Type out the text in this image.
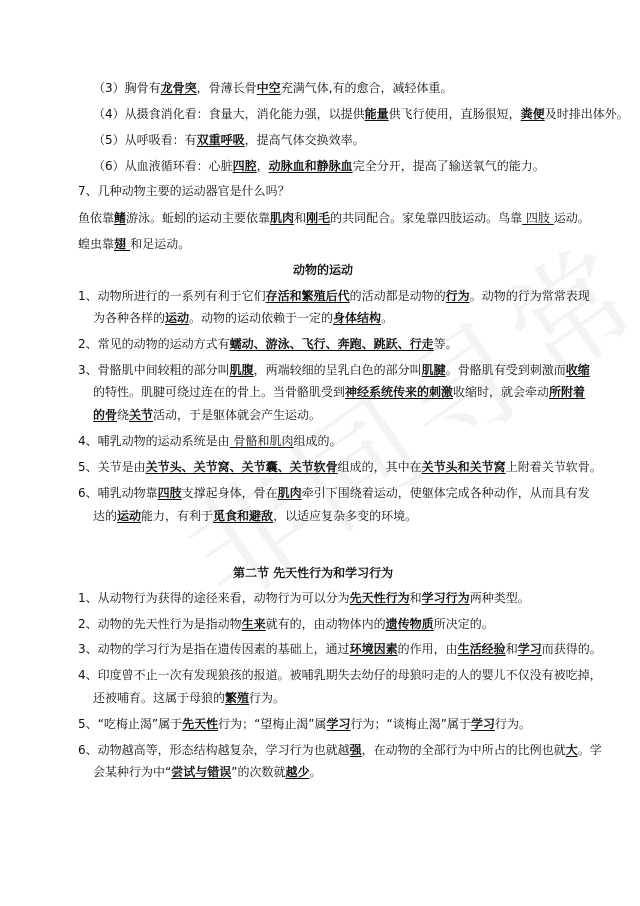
（3）胸骨有龙骨突，骨薄长骨中空充满气体,有的愈合，减轻体重。
（4）从摄食消化看：食量大，消化能力强，以提供能量供飞行使用，直肠很短，粪便及时排出体外。
（5）从呼吸看：有双重呼吸，提高气体交换效率。
（6）从血液循环看：心脏四腔，动脉血和静脉血完全分开，提高了输送氧气的能力。
7、几种动物主要的运动器官是什么吗？
鱼依靠鳍游泳。蚯蚓的运动主要依靠肌肉和刚毛的共同配合。家兔靠四肢运动。鸟靠 四肢 运动。
蝗虫靠翅 和足运动。
动物的运动
1、动物所进行的一系列有利于它们存活和繁殖后代的活动都是动物的行为。动物的行为常常表现
为各种各样的运动。动物的运动依赖于一定的身体结构。
2、常见的动物的运动方式有蠕动、游泳、飞行、奔跑、跳跃、行走等。
3、骨骼肌中间较粗的部分叫肌腹，两端较细的呈乳白色的部分叫肌腱。骨骼肌有受到刺激而收缩
的特性。肌腱可绕过连在的骨上。当骨骼肌受到神经系统传来的刺激收缩时，就会牵动所附着
的骨绕关节活动，于是躯体就会产生运动。
4、哺乳动物的运动系统是由 骨骼和肌肉组成的。
5、关节是由关节头、关节窝、关节囊、关节软骨组成的，其中在关节头和关节窝上附着关节软骨。
6、哺乳动物靠四肢支撑起身体，骨在肌肉牵引下围绕着运动，使躯体完成各种动作，从而具有发
达的运动能力，有利于觅食和避敌，以适应复杂多变的环境。
第二节 先天性行为和学习行为
1、从动物行为获得的途径来看，动物行为可以分为先天性行为和学习行为两种类型。
2、动物的先天性行为是指动物生来就有的，由动物体内的遗传物质所决定的。
3、动物的学习行为是指在遗传因素的基础上，通过环境因素的作用，由生活经验和学习而获得的。
4、印度曾不止一次有发现狼孩的报道。被哺乳期失去幼仔的母狼叼走的人的婴儿不仅没有被吃掉，
还被哺育。这属于母狼的繁殖行为。
5、“吃梅止渴”属于先天性行为；“望梅止渴”属学习行为；“谈梅止渴”属于学习行为。
6、动物越高等，形态结构越复杂，学习行为也就越强，在动物的全部行为中所占的比例也就大。学
会某种行为中“尝试与错误”的次数就越少。
